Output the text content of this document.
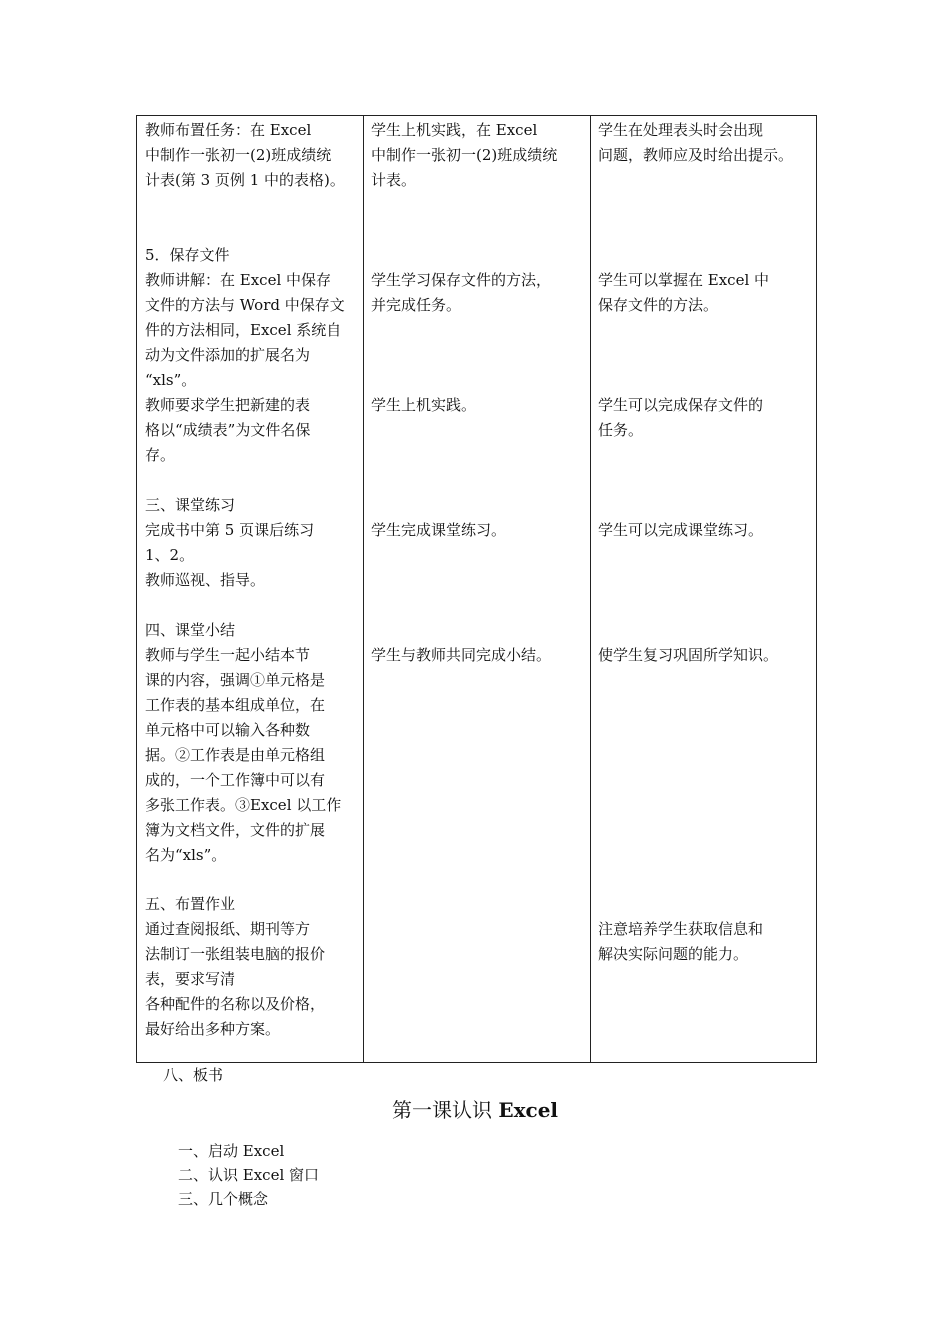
教师布置任务：在 Excel

中制作一张初一(2)班成绩统

计表(第 3 页例 1 中的表格)。

5．保存文件

教师讲解：在 Excel 中保存

文件的方法与 Word 中保存文

件的方法相同，Excel 系统自

动为文件添加的扩展名为

“xls”。

教师要求学生把新建的表

格以“成绩表”为文件名保

存。

三、课堂练习

完成书中第 5 页课后练习

1、2。

教师巡视、指导。

四、课堂小结

教师与学生一起小结本节

课的内容，强调①单元格是

工作表的基本组成单位，在

单元格中可以输入各种数

据。②工作表是由单元格组

成的，一个工作簿中可以有

多张工作表。③Excel 以工作

簿为文档文件，文件的扩展

名为“xls”。

五、布置作业

通过查阅报纸、期刊等方

法制订一张组装电脑的报价

表，要求写清

各种配件的名称以及价格，

最好给出多种方案。

学生上机实践，在 Excel

中制作一张初一(2)班成绩统

计表。

学生学习保存文件的方法，

并完成任务。

学生上机实践。

学生完成课堂练习。

学生与教师共同完成小结。

学生在处理表头时会出现

问题，教师应及时给出提示。

学生可以掌握在 Excel 中

保存文件的方法。

学生可以完成保存文件的

任务。

学生可以完成课堂练习。

使学生复习巩固所学知识。

注意培养学生获取信息和

解决实际问题的能力。

八、板书

第一课认识 Excel

一、启动 Excel

二、认识 Excel 窗口

三、几个概念
